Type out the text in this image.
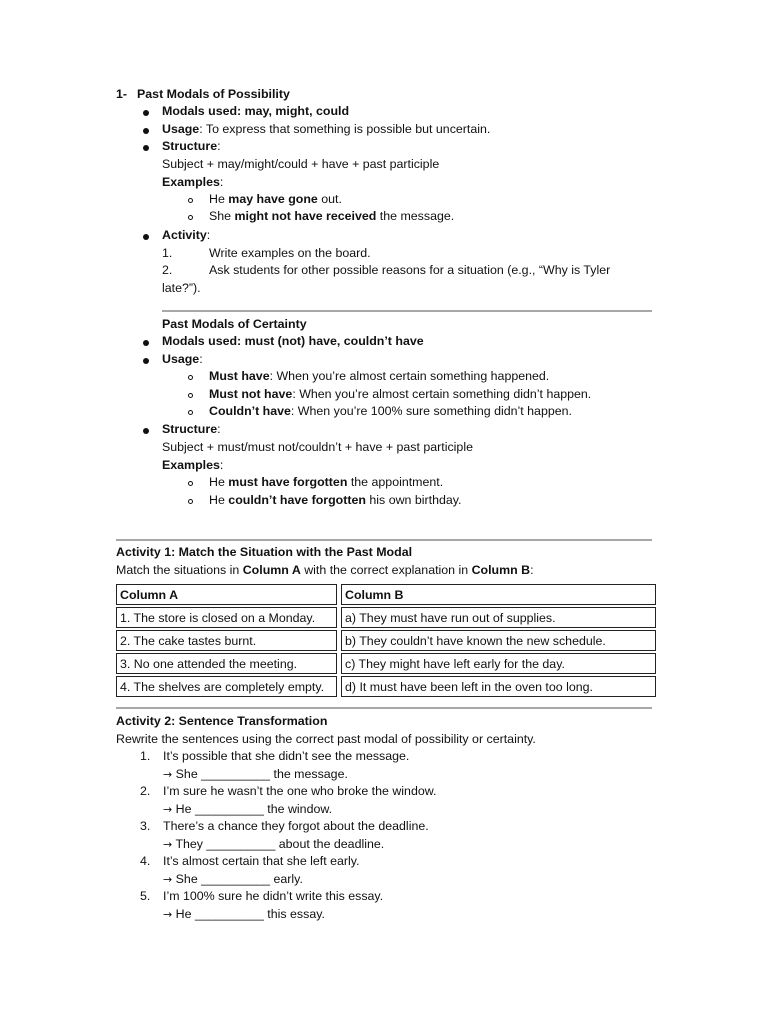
1- Past Modals of Possibility
Modals used: may, might, could
Usage: To express that something is possible but uncertain.
Structure:
Subject + may/might/could + have + past participle
Examples:
He may have gone out.
She might not have received the message.
Activity:
1.	Write examples on the board.
2.	Ask students for other possible reasons for a situation (e.g., “Why is Tyler
late?”).
Past Modals of Certainty
Modals used: must (not) have, couldn’t have
Usage:
Must have: When you’re almost certain something happened.
Must not have: When you’re almost certain something didn’t happen.
Couldn’t have: When you’re 100% sure something didn’t happen.
Structure:
Subject + must/must not/couldn’t + have + past participle
Examples:
He must have forgotten the appointment.
He couldn’t have forgotten his own birthday.
Activity 1: Match the Situation with the Past Modal
Match the situations in Column A with the correct explanation in Column B:
Column A		Column B
1. The store is closed on a Monday.		a) They must have run out of supplies.
2. The cake tastes burnt.		b) They couldn’t have known the new schedule.
3. No one attended the meeting.		c) They might have left early for the day.
4. The shelves are completely empty.		d) It must have been left in the oven too long.
Activity 2: Sentence Transformation
Rewrite the sentences using the correct past modal of possibility or certainty.
1. It’s possible that she didn’t see the message.
→ She __________ the message.
2. I’m sure he wasn’t the one who broke the window.
→ He __________ the window.
3. There’s a chance they forgot about the deadline.
→ They __________ about the deadline.
4. It’s almost certain that she left early.
→ She __________ early.
5. I’m 100% sure he didn’t write this essay.
→ He __________ this essay.
